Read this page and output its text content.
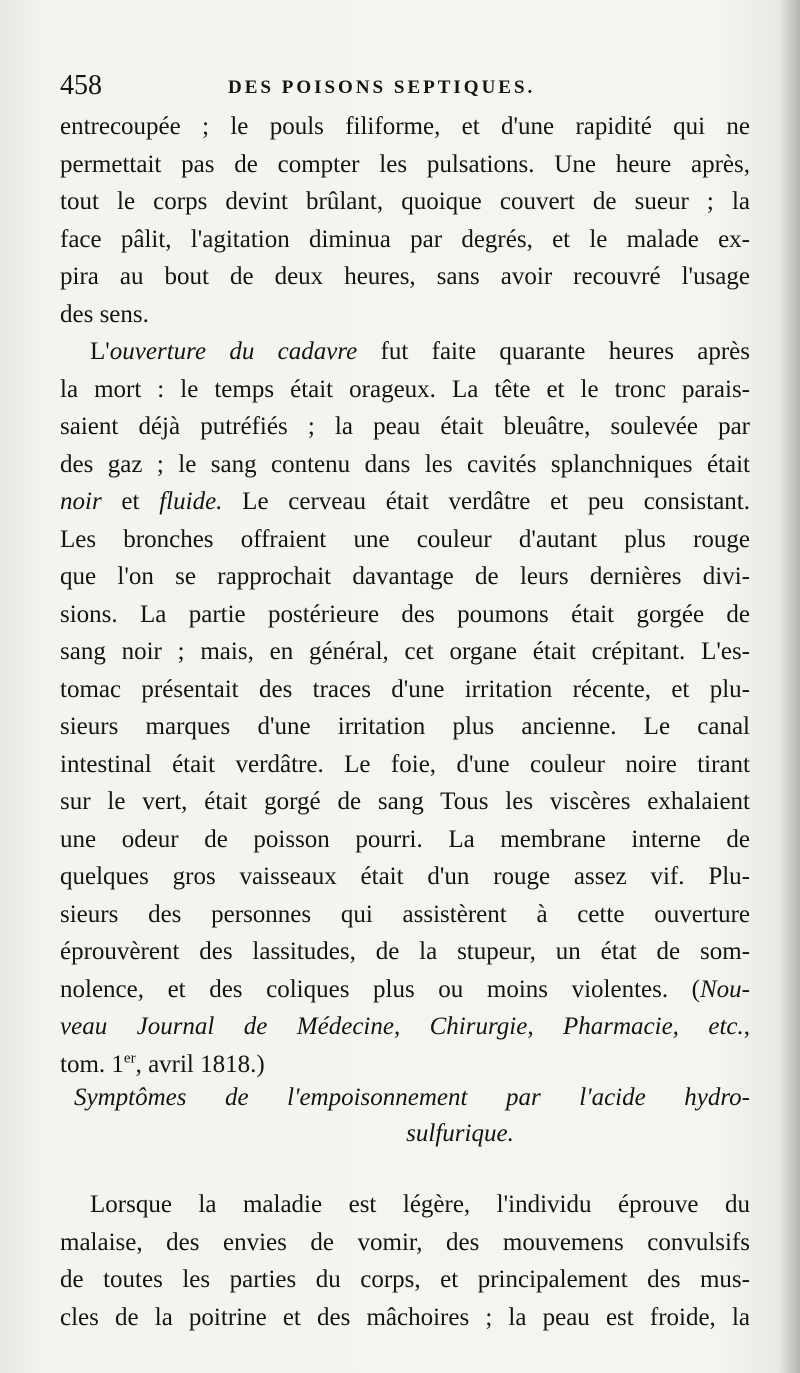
458	DES POISONS SEPTIQUES.
entrecoupée ; le pouls filiforme, et d'une rapidité qui ne
permettait pas de compter les pulsations. Une heure après,
tout le corps devint brûlant, quoique couvert de sueur ; la
face pâlit, l'agitation diminua par degrés, et le malade ex-
pira au bout de deux heures, sans avoir recouvré l'usage
des sens.
L'ouverture du cadavre fut faite quarante heures après
la mort : le temps était orageux. La tête et le tronc parais-
saient déjà putréfiés ; la peau était bleuâtre, soulevée par
des gaz ; le sang contenu dans les cavités splanchniques était
noir et fluide. Le cerveau était verdâtre et peu consistant.
Les bronches offraient une couleur d'autant plus rouge
que l'on se rapprochait davantage de leurs dernières divi-
sions. La partie postérieure des poumons était gorgée de
sang noir ; mais, en général, cet organe était crépitant. L'es-
tomac présentait des traces d'une irritation récente, et plu-
sieurs marques d'une irritation plus ancienne. Le canal
intestinal était verdâtre. Le foie, d'une couleur noire tirant
sur le vert, était gorgé de sang Tous les viscères exhalaient
une odeur de poisson pourri. La membrane interne de
quelques gros vaisseaux était d'un rouge assez vif. Plu-
sieurs des personnes qui assistèrent à cette ouverture
éprouvèrent des lassitudes, de la stupeur, un état de som-
nolence, et des coliques plus ou moins violentes. (Nou-
veau Journal de Médecine, Chirurgie, Pharmacie, etc.,
tom. 1er, avril 1818.)
Symptômes de l'empoisonnement par l'acide hydro-
sulfurique.
Lorsque la maladie est légère, l'individu éprouve du
malaise, des envies de vomir, des mouvemens convulsifs
de toutes les parties du corps, et principalement des mus-
cles de la poitrine et des mâchoires ; la peau est froide, la
